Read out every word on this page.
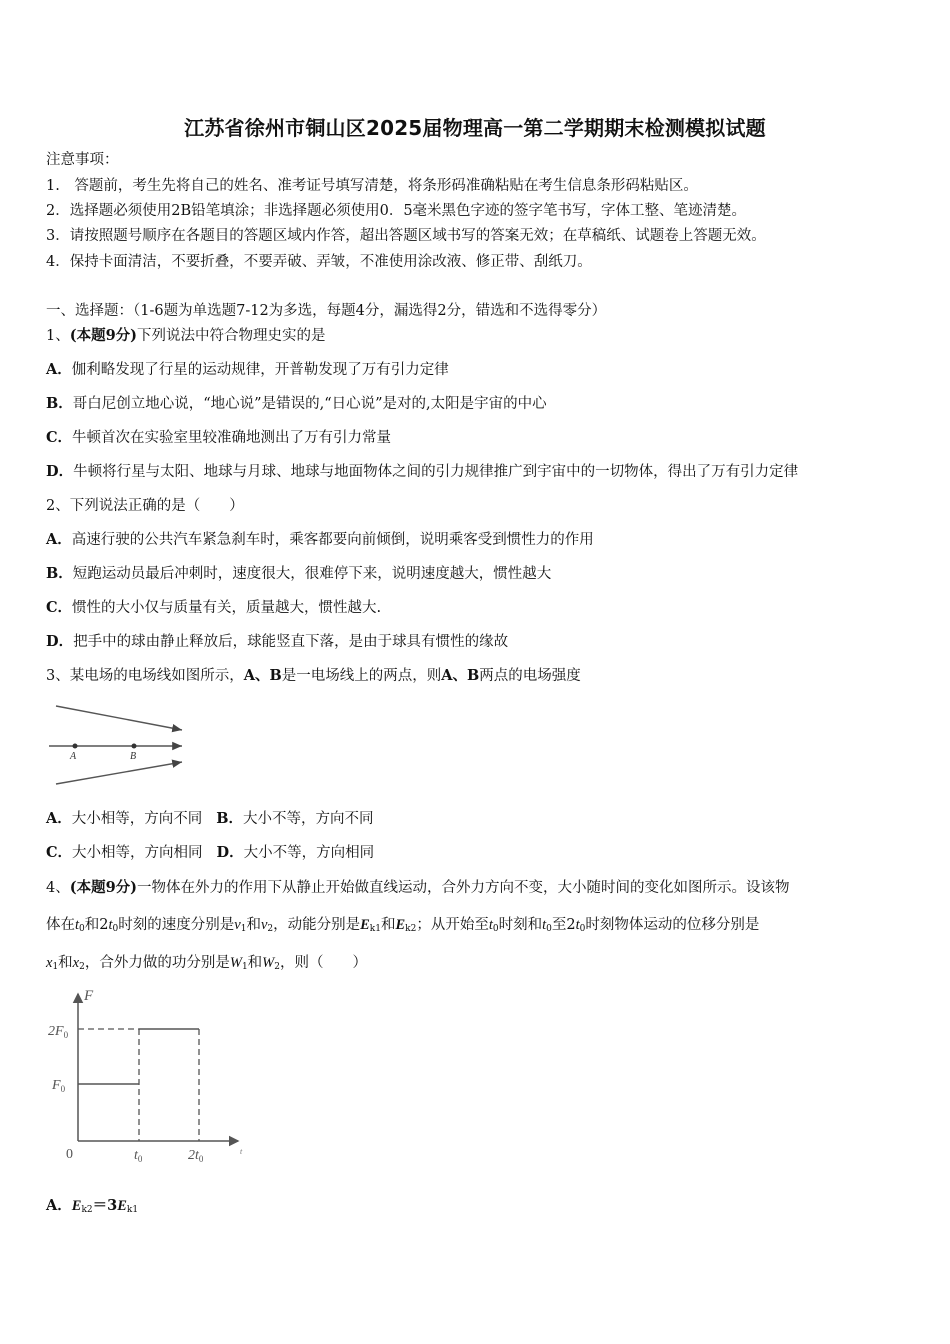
江苏省徐州市铜山区2025届物理高一第二学期期末检测模拟试题
注意事项：
1.　答题前，考生先将自己的姓名、准考证号填写清楚，将条形码准确粘贴在考生信息条形码粘贴区。
2．选择题必须使用2B铅笔填涂；非选择题必须使用0．5毫米黑色字迹的签字笔书写，字体工整、笔迹清楚。
3．请按照题号顺序在各题目的答题区域内作答，超出答题区域书写的答案无效；在草稿纸、试题卷上答题无效。
4．保持卡面清洁，不要折叠，不要弄破、弄皱，不准使用涂改液、修正带、刮纸刀。
一、选择题：（1-6题为单选题7-12为多选，每题4分，漏选得2分，错选和不选得零分）
1、(本题9分)下列说法中符合物理史实的是
A．伽利略发现了行星的运动规律，开普勒发现了万有引力定律
B．哥白尼创立地心说，“地心说”是错误的,“日心说”是对的,太阳是宇宙的中心
C．牛顿首次在实验室里较准确地测出了万有引力常量
D．牛顿将行星与太阳、地球与月球、地球与地面物体之间的引力规律推广到宇宙中的一切物体，得出了万有引力定律
2、下列说法正确的是（　　）
A．高速行驶的公共汽车紧急刹车时，乘客都要向前倾倒，说明乘客受到惯性力的作用
B．短跑运动员最后冲刺时，速度很大，很难停下来，说明速度越大，惯性越大
C．惯性的大小仅与质量有关，质量越大，惯性越大.
D．把手中的球由静止释放后，球能竖直下落，是由于球具有惯性的缘故
3、某电场的电场线如图所示，A、B是一电场线上的两点，则A、B两点的电场强度
A	B
A．大小相等，方向不同 B．大小不等，方向不同
C．大小相等，方向相同 D．大小不等，方向相同
4、(本题9分)一物体在外力的作用下从静止开始做直线运动，合外力方向不变，大小随时间的变化如图所示。设该物
体在$t_0$和$2t_0$时刻的速度分别是$v_1$和$v_2$，动能分别是$E_{k1}$和$E_{k2}$；从开始至$t_0$时刻和$t_0$至$2t_0$时刻物体运动的位移分别是
$x_1$和$x_2$，合外力做的功分别是$W_1$和$W_2$，则（　　）
F
t
$2F_0$
$F_0$
0	$t_0$	$2t_0$
A．$E_{k2}=3E_{k1}$
